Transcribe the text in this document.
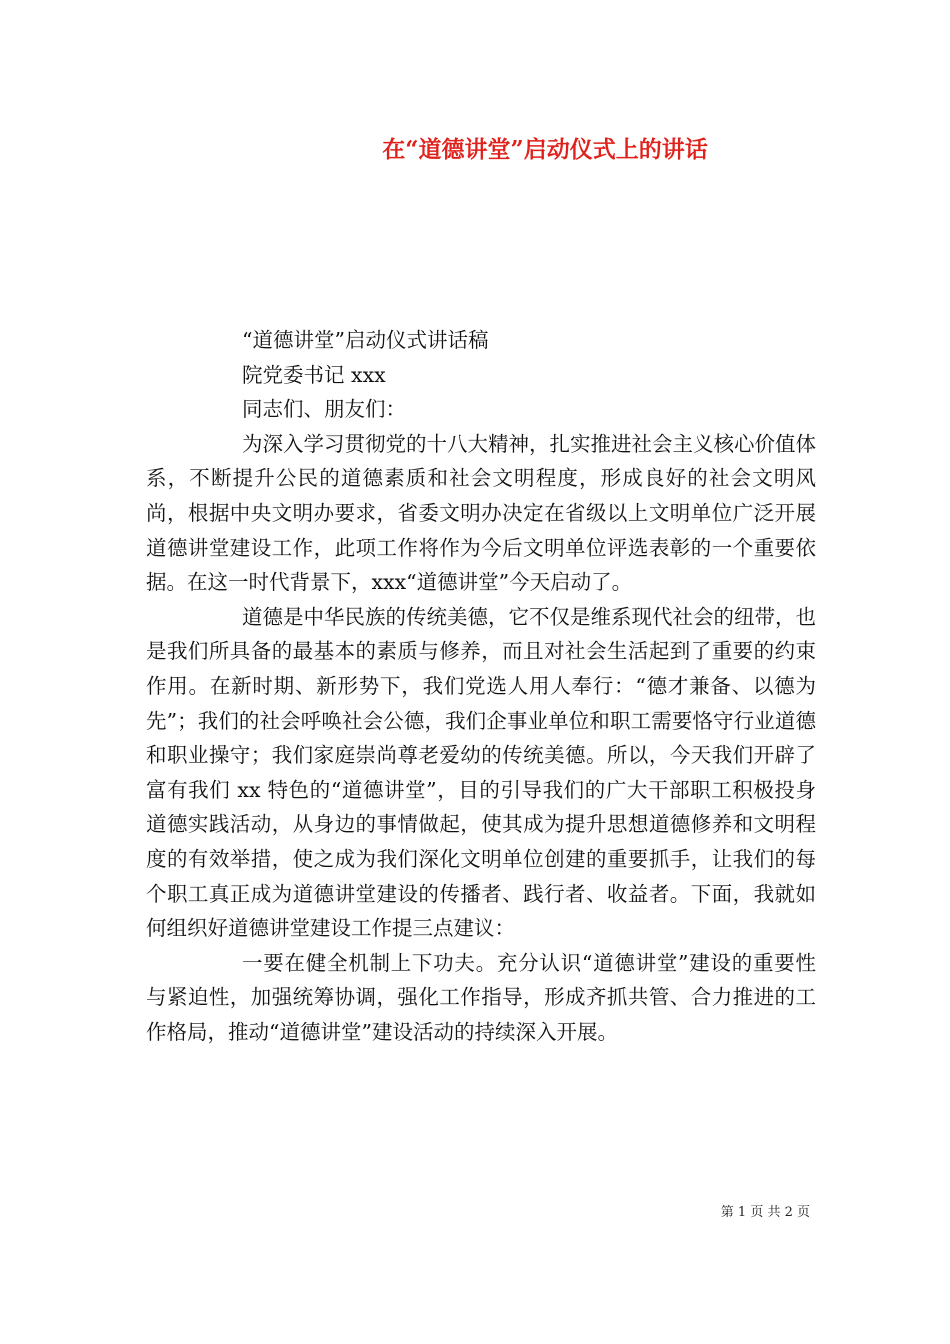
在“道德讲堂”启动仪式上的讲话

“道德讲堂”启动仪式讲话稿

院党委书记 xxx

同志们、朋友们：

为深入学习贯彻党的十八大精神，扎实推进社会主义核心价值体系，不断提升公民的道德素质和社会文明程度，形成良好的社会文明风尚，根据中央文明办要求，省委文明办决定在省级以上文明单位广泛开展道德讲堂建设工作，此项工作将作为今后文明单位评选表彰的一个重要依据。在这一时代背景下，xxx“道德讲堂”今天启动了。

道德是中华民族的传统美德，它不仅是维系现代社会的纽带，也是我们所具备的最基本的素质与修养，而且对社会生活起到了重要的约束作用。在新时期、新形势下，我们党选人用人奉行：“德才兼备、以德为先”；我们的社会呼唤社会公德，我们企事业单位和职工需要恪守行业道德和职业操守；我们家庭崇尚尊老爱幼的传统美德。所以，今天我们开辟了富有我们 xx 特色的“道德讲堂”，目的引导我们的广大干部职工积极投身道德实践活动，从身边的事情做起，使其成为提升思想道德修养和文明程度的有效举措，使之成为我们深化文明单位创建的重要抓手，让我们的每个职工真正成为道德讲堂建设的传播者、践行者、收益者。下面，我就如何组织好道德讲堂建设工作提三点建议：

一要在健全机制上下功夫。充分认识“道德讲堂”建设的重要性与紧迫性，加强统筹协调，强化工作指导，形成齐抓共管、合力推进的工作格局，推动“道德讲堂”建设活动的持续深入开展。

第 1 页 共 2 页
